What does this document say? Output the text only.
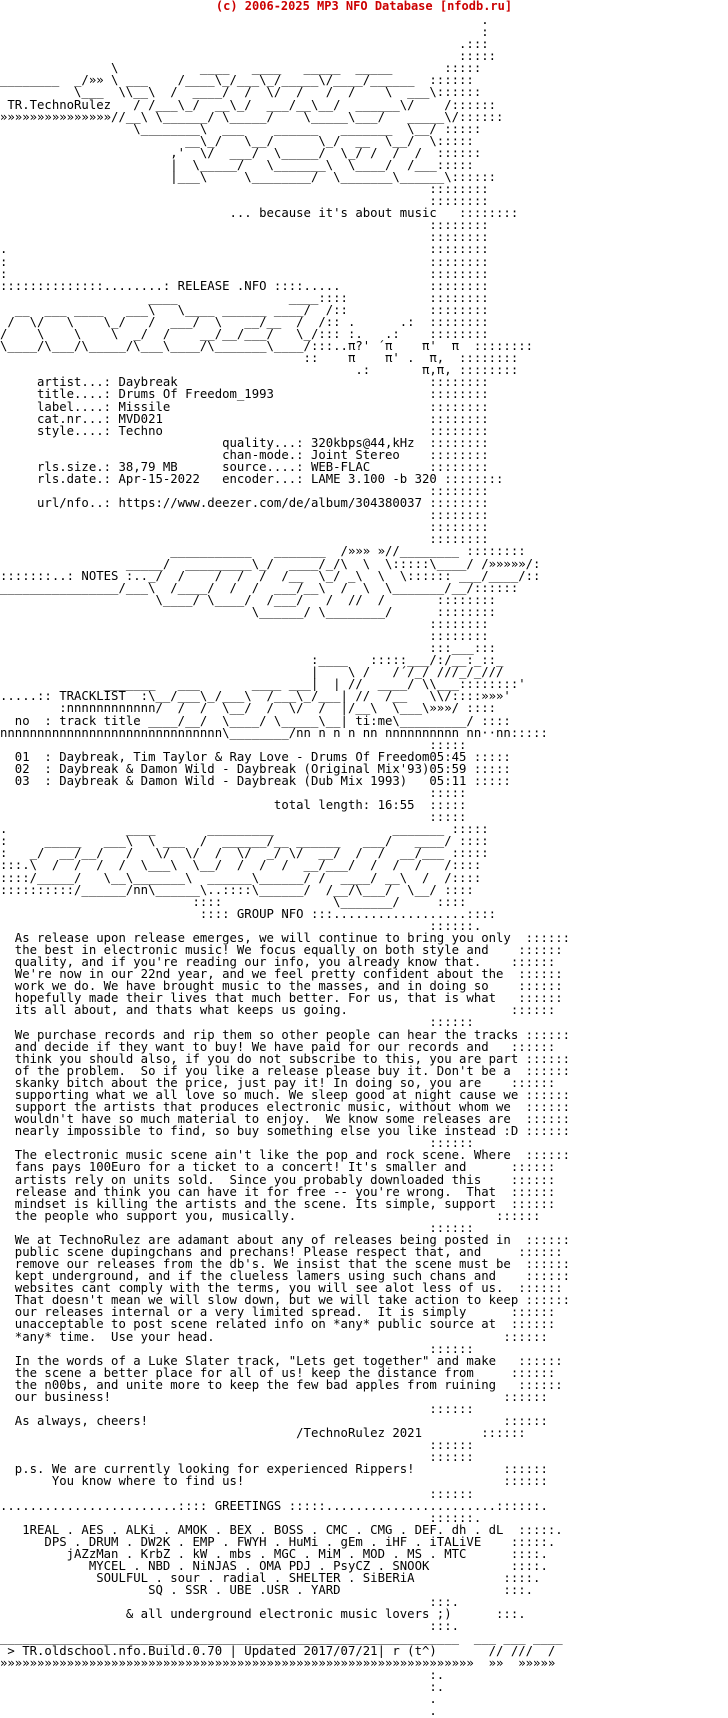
(c) 2006-2025 MP3 NFO Database [nfodb.ru]
.
:
.:::
:::::
\           ____   ____   _____  _____       :::::
________  _/»» \ ___    /____\_/___\_/_____\/____/______  ::::::
\___  \\__\  /  ____/  /  \/  /   /  /    \  ___\::::::
TR.TechnoRulez   / /___\_/  __\_/  ___/__\__/  ______\/    /::::::
»»»»»»»»»»»»»»»//__\ \______/ \_____/    \_____\___/   _____\/::::::
\________\  ___    ______   _______  \__/ :::::
__\_/   \__/      \_/  __  \__/  \:::::
,'  \/  ___/  \_____/  \_/ /  /  /  ::::::
|  \_____/   \_______\  \____/  /___:::::
|___\     \________/  \_______\______\::::::
::::::::
::::::::
... because it's about music   ::::::::
::::::::
::::::::
.                                                         ::::::::
:                                                         ::::::::
:                                                         ::::::::
::::::::::::::........: RELEASE .NFO ::::.....            ::::::::
____               ____::::           ::::::::
__  ___ ____   ___\   \____ ______ ____/  /::           ::::::::
/  \/   \    \_/   /  ___/  \   __/__  /  /:: .      .:  ::::::::
/    \    \    \  _/  /    __/__/___/   \_/::: :.   .:    ::::::::
\____/\___/\_____/\___\____/\_______\____/:::..π?' ´π    π'  π  ::::::::
::    π    π' .  π,  ::::::::
.:       π,π, ::::::::
artist...: Daybreak                                  ::::::::
title....: Drums Of Freedom_1993                     ::::::::
label....: Missile                                   ::::::::
cat.nr...: MVD021                                    ::::::::
style....: Techno                                    ::::::::
quality...: 320kbps@44,kHz  ::::::::
chan-mode.: Joint Stereo    ::::::::
rls.size.: 38,79 MB      source....: WEB-FLAC        ::::::::
rls.date.: Apr-15-2022   encoder...: LAME 3.100 -b 320 ::::::::
::::::::
url/nfo..: https://www.deezer.com/de/album/304380037 ::::::::
::::::::
::::::::
::::::::
___________   _______  /»»» »//________ ::::::::
_____/  _________\_/  ____/_/\  \  \:::::\____/ /»»»»»/:
:::::::..: NOTES :.._/  /    /  /  /  /__  \_/ _\  \  \:::::: ___/____/::
________________/___\  /____/  /  /  ___/__\  /  \  \_______/__/::::::
\____/ \____/  /___/   /  //  /       ::::::::
\______/ \________/      ::::::::
::::::::
::::::::
:::___:::
:____   :::::___/:/__:_::_
|    \ /   /´/_/ ///_/_///
_______   ___       ____ ___|  | //  ____/ \\___::::::::'
.....:: TRACKLIST  :\__/___\_/___\  /___\_/___| //  /__   \\/::::»»»'
:nnnnnnnnnnnn/  /  /  \__/  /  \/  /  |/__\  \___\»»»/ ::::
no  : track title ____/__/  \____/ \_____\__| ti:me\_________/ ::::
nnnnnnnnnnnnnnnnnnnnnnnnnnnnnn\________/nn n n n nn nnnnnnnnnn nn··nn:::::
:::::
01  : Daybreak, Tim Taylor & Ray Love - Drums Of Freedom05:45 :::::
02  : Daybreak & Damon Wild - Daybreak (Original Mix'93)05:59 :::::
03  : Daybreak & Damon Wild - Daybreak (Dub Mix 1993)   05:11 :::::
:::::
total length: 16:55  :::::
:::::
.                ____       _________                _______ :::::
:     _____   ___\  \ ___  /  ______/__ ______   ___/   ____/ ::::
:   _/  __/__/   /   \/  \/  /  \/  _/ \/  __/  /  /  __/___ :::::
:::.\  /  /  /  /  \___\  \__/  /  /  /  __/___/  /  /  /   /::::
::::/_____/   \__\_______\  ______\______/ /  ____/ __\  /  /::::
::::::::::/______/nn\______\..::::\______/  /__/\___/  \__/ ::::
::::               \_______/     ::::
:::: GROUP NFO :::..................::::
::::::.
As release upon release emerges, we will continue to bring you only  ::::::
the best in electronic music! We focus equally on both style and    ::::::
quality, and if you're reading our info, you already know that.    ::::::
We're now in our 22nd year, and we feel pretty confident about the  ::::::
work we do. We have brought music to the masses, and in doing so    ::::::
hopefully made their lives that much better. For us, that is what   ::::::
its all about, and thats what keeps us going.                      ::::::
::::::
We purchase records and rip them so other people can hear the tracks ::::::
and decide if they want to buy! We have paid for our records and   ::::::
think you should also, if you do not subscribe to this, you are part ::::::
of the problem.  So if you like a release please buy it. Don't be a  ::::::
skanky bitch about the price, just pay it! In doing so, you are    ::::::
supporting what we all love so much. We sleep good at night cause we ::::::
support the artists that produces electronic music, without whom we  ::::::
wouldn't have so much material to enjoy.  We know some releases are  ::::::
nearly impossible to find, so buy something else you like instead :D ::::::
::::::
The electronic music scene ain't like the pop and rock scene. Where  ::::::
fans pays 100Euro for a ticket to a concert! It's smaller and      ::::::
artists rely on units sold.  Since you probably downloaded this    ::::::
release and think you can have it for free -- you're wrong.  That  ::::::
mindset is killing the artists and the scene. Its simple, support  ::::::
the people who support you, musically.                           ::::::
::::::
We at TechnoRulez are adamant about any of releases being posted in  ::::::
public scene dupingchans and prechans! Please respect that, and     ::::::
remove our releases from the db's. We insist that the scene must be  ::::::
kept underground, and if the clueless lamers using such chans and    ::::::
websites cant comply with the terms, you will see alot less of us.  ::::::
That doesn't mean we will slow down, but we will take action to keep ::::::
our releases internal or a very limited spread.  It is simply      ::::::
unacceptable to post scene related info on *any* public source at  ::::::
*any* time.  Use your head.                                       ::::::
::::::
In the words of a Luke Slater track, "Lets get together" and make   ::::::
the scene a better place for all of us! keep the distance from     ::::::
the n00bs, and unite more to keep the few bad apples from ruining   ::::::
our business!                                                     ::::::
::::::
As always, cheers!                                                ::::::
/TechnoRulez 2021        ::::::
::::::
::::::
p.s. We are currently looking for experienced Rippers!            ::::::
You know where to find us!                                   ::::::
::::::
........................:::: GREETINGS :::::.......................::::::.
::::::.
1REAL . AES . ALKi . AMOK . BEX . BOSS . CMC . CMG . DEF. dh . dL  :::::.
DPS . DRUM . DW2K . EMP . FWYH . HuMi . gEm . iHF . iTALiVE    :::::.
jAZzMan . KrbZ . kW . mbs . MGC . MiM . MOD . MS . MTC      ::::.
MYCEL . NBD . NiNJAS . OMA PDJ . PsyCZ . SNOOK           ::::.
SOULFUL . sour . radial . SHELTER . SiBERiA            ::::.
SQ . SSR . UBE .USR . YARD                      :::.
:::.
& all underground electronic music lovers ;)      :::.
:::.
______________________________________________________________  ___ ___ ____
> TR.oldschool.nfo.Build.0.70 | Updated 2017/07/21| r (t^)       // ///  /
»»»»»»»»»»»»»»»»»»»»»»»»»»»»»»»»»»»»»»»»»»»»»»»»»»»»»»»»»»»»»»»»  »»  »»»»»
:.
:.
.
.
